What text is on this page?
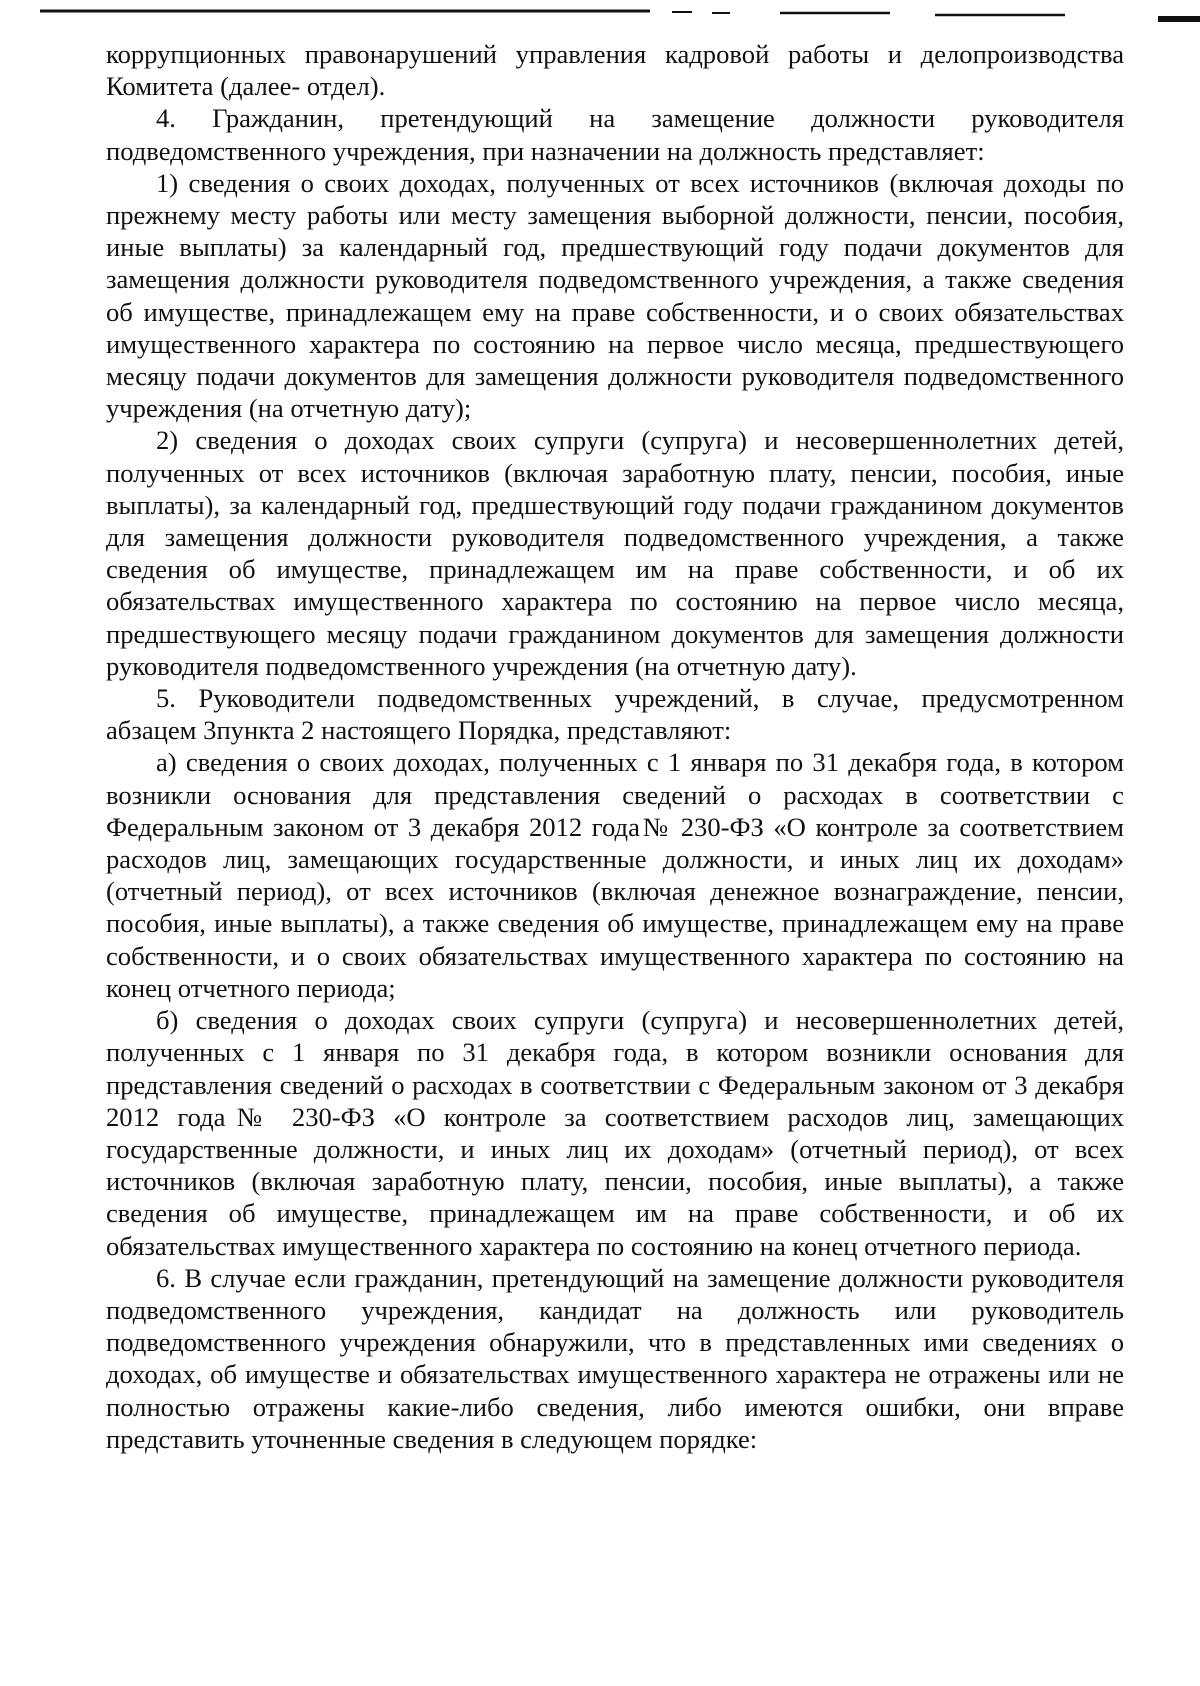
коррупционных правонарушений управления кадровой работы и делопроизводства Комитета (далее- отдел).

4. Гражданин, претендующий на замещение должности руководителя подведомственного учреждения, при назначении на должность представляет:

1) сведения о своих доходах, полученных от всех источников (включая доходы по прежнему месту работы или месту замещения выборной должности, пенсии, пособия, иные выплаты) за календарный год, предшествующий году подачи документов для замещения должности руководителя подведомственного учреждения, а также сведения об имуществе, принадлежащем ему на праве собственности, и о своих обязательствах имущественного характера по состоянию на первое число месяца, предшествующего месяцу подачи документов для замещения должности руководителя подведомственного учреждения (на отчетную дату);

2) сведения о доходах своих супруги (супруга) и несовершеннолетних детей, полученных от всех источников (включая заработную плату, пенсии, пособия, иные выплаты), за календарный год, предшествующий году подачи гражданином документов для замещения должности руководителя подведомственного учреждения, а также сведения об имуществе, принадлежащем им на праве собственности, и об их обязательствах имущественного характера по состоянию на первое число месяца, предшествующего месяцу подачи гражданином документов для замещения должности руководителя подведомственного учреждения (на отчетную дату).

5. Руководители подведомственных учреждений, в случае, предусмотренном абзацем 3пункта 2 настоящего Порядка, представляют:

а) сведения о своих доходах, полученных с 1 января по 31 декабря года, в котором возникли основания для представления сведений о расходах в соответствии с Федеральным законом от 3 декабря 2012 года№ 230-ФЗ «О контроле за соответствием расходов лиц, замещающих государственные должности, и иных лиц их доходам» (отчетный период), от всех источников (включая денежное вознаграждение, пенсии, пособия, иные выплаты), а также сведения об имуществе, принадлежащем ему на праве собственности, и о своих обязательствах имущественного характера по состоянию на конец отчетного периода;

б) сведения о доходах своих супруги (супруга) и несовершеннолетних детей, полученных с 1 января по 31 декабря года, в котором возникли основания для представления сведений о расходах в соответствии с Федеральным законом от 3 декабря 2012 года№ 230-ФЗ «О контроле за соответствием расходов лиц, замещающих государственные должности, и иных лиц их доходам» (отчетный период), от всех источников (включая заработную плату, пенсии, пособия, иные выплаты), а также сведения об имуществе, принадлежащем им на праве собственности, и об их обязательствах имущественного характера по состоянию на конец отчетного периода.

6. В случае если гражданин, претендующий на замещение должности руководителя подведомственного учреждения, кандидат на должность или руководитель подведомственного учреждения обнаружили, что в представленных ими сведениях о доходах, об имуществе и обязательствах имущественного характера не отражены или не полностью отражены какие-либо сведения, либо имеются ошибки, они вправе представить уточненные сведения в следующем порядке:
